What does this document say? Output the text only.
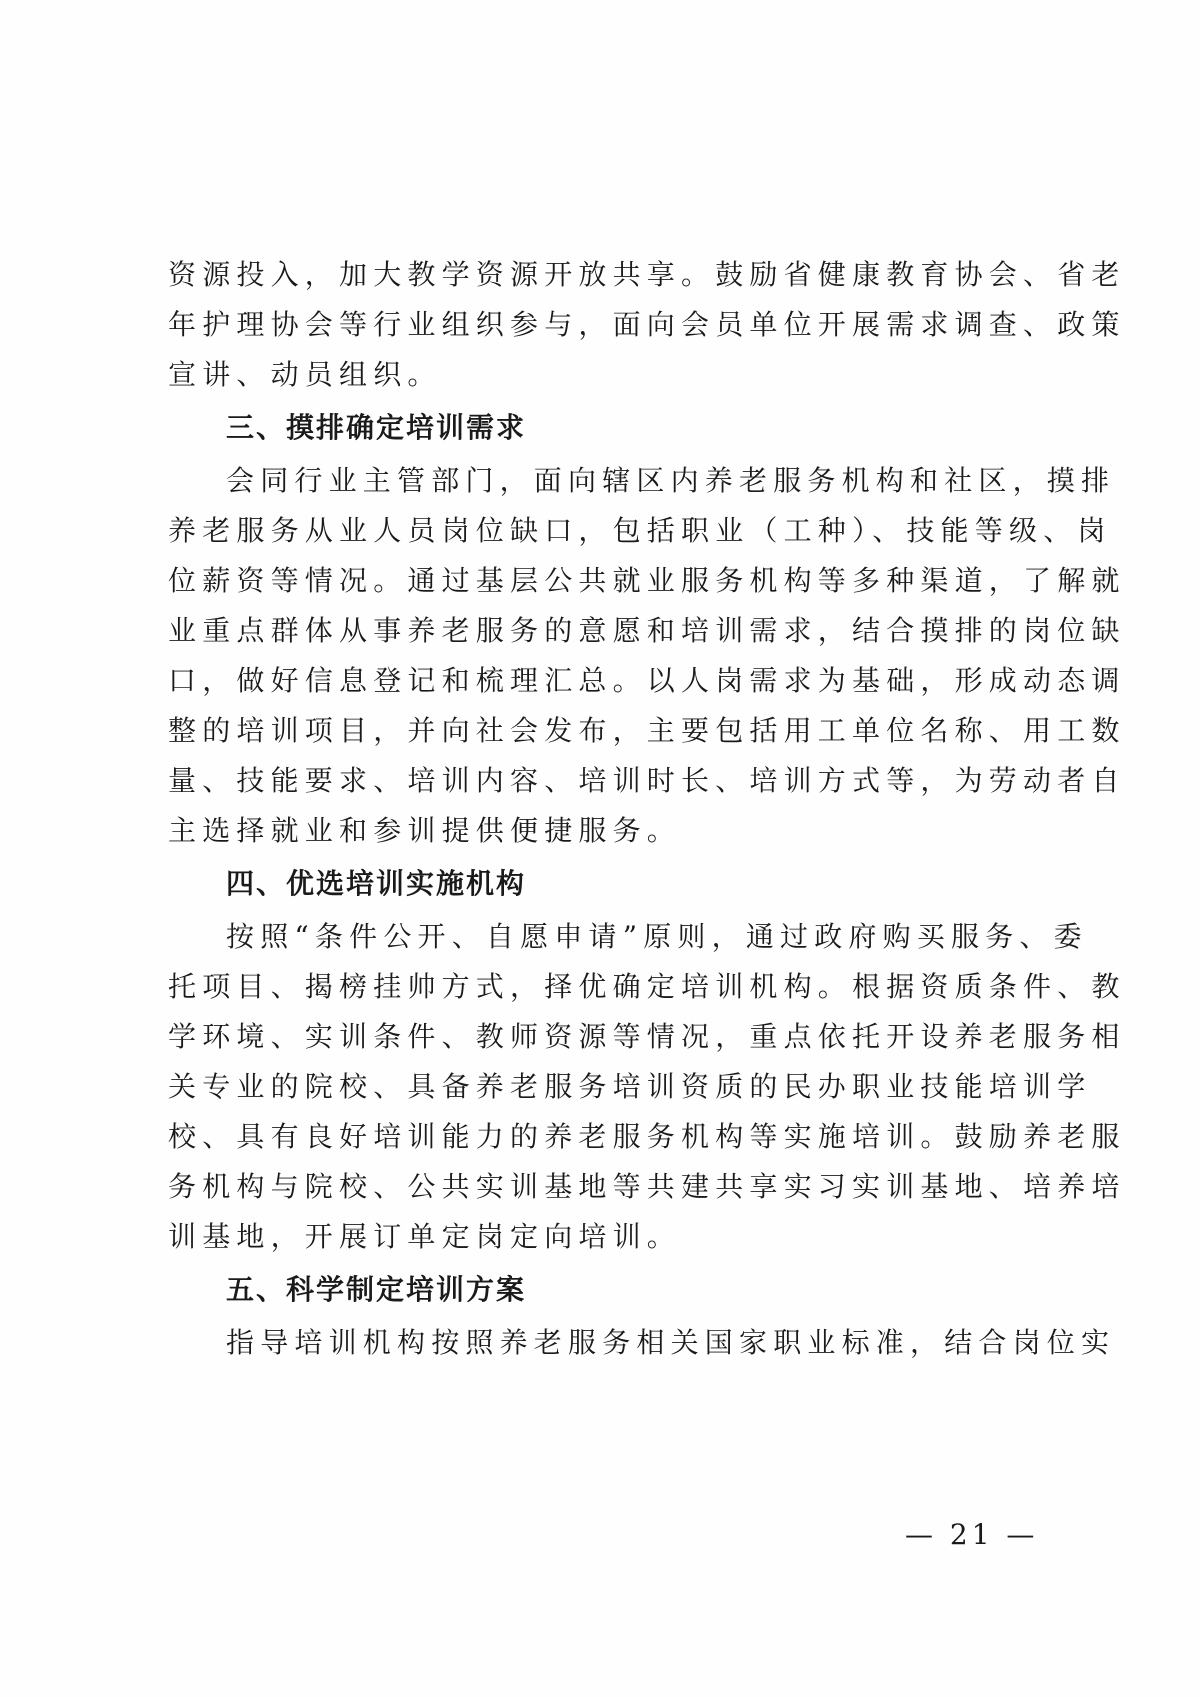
资源投入，加大教学资源开放共享。鼓励省健康教育协会、省老
年护理协会等行业组织参与，面向会员单位开展需求调查、政策
宣讲、动员组织。
三、摸排确定培训需求
会同行业主管部门，面向辖区内养老服务机构和社区，摸排
养老服务从业人员岗位缺口，包括职业（工种）、技能等级、岗
位薪资等情况。通过基层公共就业服务机构等多种渠道，了解就
业重点群体从事养老服务的意愿和培训需求，结合摸排的岗位缺
口，做好信息登记和梳理汇总。以人岗需求为基础，形成动态调
整的培训项目，并向社会发布，主要包括用工单位名称、用工数
量、技能要求、培训内容、培训时长、培训方式等，为劳动者自
主选择就业和参训提供便捷服务。
四、优选培训实施机构
按照“条件公开、自愿申请”原则，通过政府购买服务、委
托项目、揭榜挂帅方式，择优确定培训机构。根据资质条件、教
学环境、实训条件、教师资源等情况，重点依托开设养老服务相
关专业的院校、具备养老服务培训资质的民办职业技能培训学
校、具有良好培训能力的养老服务机构等实施培训。鼓励养老服
务机构与院校、公共实训基地等共建共享实习实训基地、培养培
训基地，开展订单定岗定向培训。
五、科学制定培训方案
指导培训机构按照养老服务相关国家职业标准，结合岗位实
— 21 —
